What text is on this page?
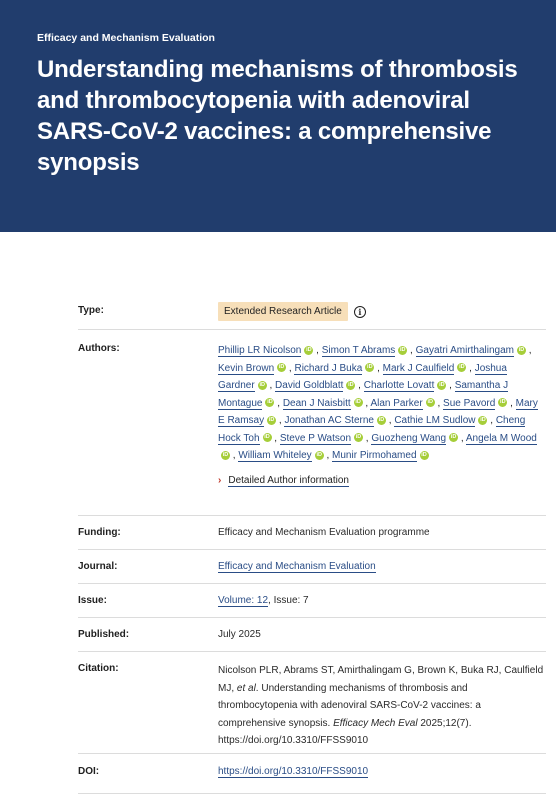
Efficacy and Mechanism Evaluation
Understanding mechanisms of thrombosis and thrombocytopenia with adenoviral SARS-CoV-2 vaccines: a comprehensive synopsis
Type:	Extended Research Article	i
Authors:	Phillip LR Nicolson iD , Simon T Abrams iD , Gayatri Amirthalingam iD , Kevin Brown iD , Richard J Buka iD , Mark J Caulfield iD , Joshua Gardner iD , David Goldblatt iD , Charlotte Lovatt iD , Samantha J Montague iD , Dean J Naisbitt iD , Alan Parker iD , Sue Pavord iD , Mary E Ramsay iD , Jonathan AC Sterne iD , Cathie LM Sudlow iD , Cheng Hock Toh iD , Steve P Watson iD , Guozheng Wang iD , Angela M WoodiD , William Whiteley iD , Munir Pirmohamed iD
› Detailed Author information
Funding:	Efficacy and Mechanism Evaluation programme
Journal:	Efficacy and Mechanism Evaluation
Issue:	Volume: 12, Issue: 7
Published:	July 2025
Citation:	Nicolson PLR, Abrams ST, Amirthalingam G, Brown K, Buka RJ, Caulfield MJ, et al. Understanding mechanisms of thrombosis and thrombocytopenia with adenoviral SARS-CoV-2 vaccines: a comprehensive synopsis. Efficacy Mech Eval 2025;12(7). https://doi.org/10.3310/FFSS9010
DOI:	https://doi.org/10.3310/FFSS9010
